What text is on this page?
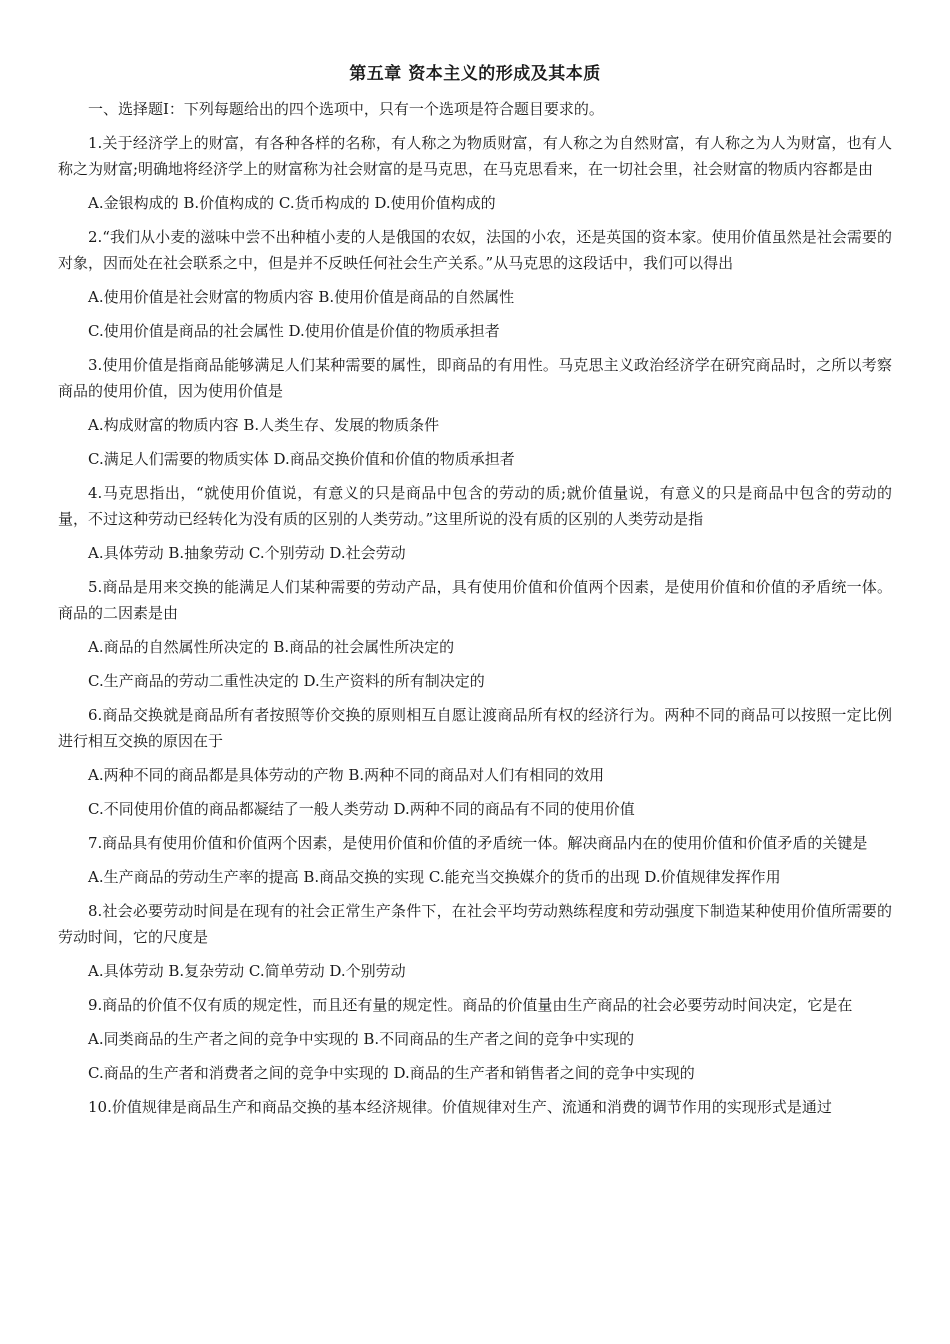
第五章 资本主义的形成及其本质

一、选择题Ⅰ：下列每题给出的四个选项中，只有一个选项是符合题目要求的。

1.关于经济学上的财富，有各种各样的名称，有人称之为物质财富，有人称之为自然财富，有人称之为人为财富，也有人称之为财富;明确地将经济学上的财富称为社会财富的是马克思，在马克思看来，在一切社会里，社会财富的物质内容都是由

A.金银构成的 B.价值构成的 C.货币构成的 D.使用价值构成的

2.“我们从小麦的滋味中尝不出种植小麦的人是俄国的农奴，法国的小农，还是英国的资本家。使用价值虽然是社会需要的对象，因而处在社会联系之中，但是并不反映任何社会生产关系。”从马克思的这段话中，我们可以得出

A.使用价值是社会财富的物质内容 B.使用价值是商品的自然属性

C.使用价值是商品的社会属性 D.使用价值是价值的物质承担者

3.使用价值是指商品能够满足人们某种需要的属性，即商品的有用性。马克思主义政治经济学在研究商品时，之所以考察商品的使用价值，因为使用价值是

A.构成财富的物质内容 B.人类生存、发展的物质条件

C.满足人们需要的物质实体 D.商品交换价值和价值的物质承担者

4.马克思指出，“就使用价值说，有意义的只是商品中包含的劳动的质;就价值量说，有意义的只是商品中包含的劳动的量，不过这种劳动已经转化为没有质的区别的人类劳动。”这里所说的没有质的区别的人类劳动是指

A.具体劳动 B.抽象劳动 C.个别劳动 D.社会劳动

5.商品是用来交换的能满足人们某种需要的劳动产品，具有使用价值和价值两个因素，是使用价值和价值的矛盾统一体。商品的二因素是由

A.商品的自然属性所决定的 B.商品的社会属性所决定的

C.生产商品的劳动二重性决定的 D.生产资料的所有制决定的

6.商品交换就是商品所有者按照等价交换的原则相互自愿让渡商品所有权的经济行为。两种不同的商品可以按照一定比例进行相互交换的原因在于

A.两种不同的商品都是具体劳动的产物 B.两种不同的商品对人们有相同的效用

C.不同使用价值的商品都凝结了一般人类劳动 D.两种不同的商品有不同的使用价值

7.商品具有使用价值和价值两个因素，是使用价值和价值的矛盾统一体。解决商品内在的使用价值和价值矛盾的关键是

A.生产商品的劳动生产率的提高 B.商品交换的实现 C.能充当交换媒介的货币的出现 D.价值规律发挥作用

8.社会必要劳动时间是在现有的社会正常生产条件下，在社会平均劳动熟练程度和劳动强度下制造某种使用价值所需要的劳动时间，它的尺度是

A.具体劳动 B.复杂劳动 C.简单劳动 D.个别劳动

9.商品的价值不仅有质的规定性，而且还有量的规定性。商品的价值量由生产商品的社会必要劳动时间决定，它是在

A.同类商品的生产者之间的竞争中实现的 B.不同商品的生产者之间的竞争中实现的

C.商品的生产者和消费者之间的竞争中实现的 D.商品的生产者和销售者之间的竞争中实现的

10.价值规律是商品生产和商品交换的基本经济规律。价值规律对生产、流通和消费的调节作用的实现形式是通过
